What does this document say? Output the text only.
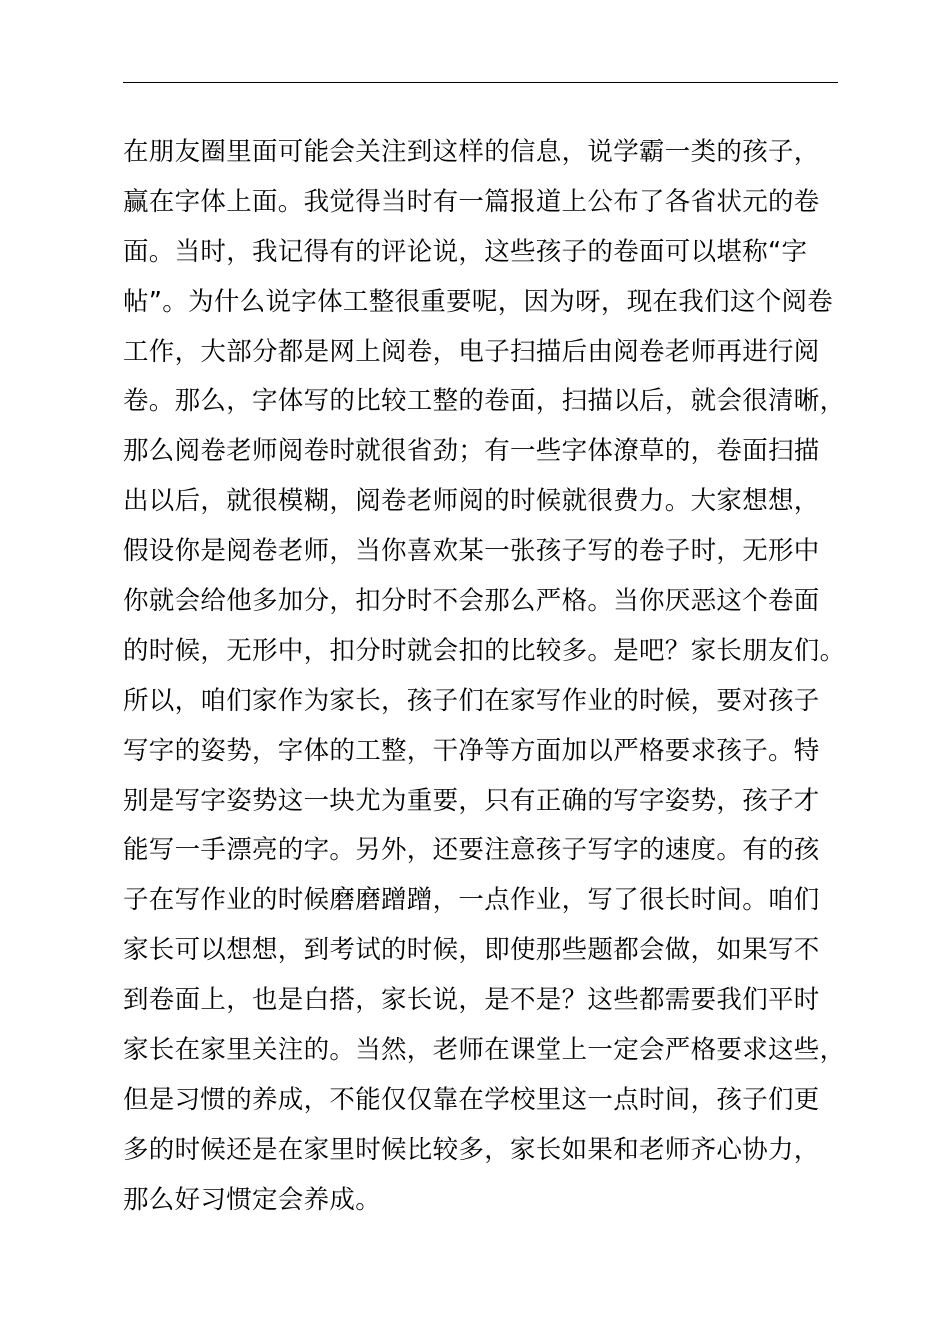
在朋友圈里面可能会关注到这样的信息，说学霸一类的孩子，
赢在字体上面。我觉得当时有一篇报道上公布了各省状元的卷
面。当时，我记得有的评论说，这些孩子的卷面可以堪称“字
帖”。为什么说字体工整很重要呢，因为呀，现在我们这个阅卷
工作，大部分都是网上阅卷，电子扫描后由阅卷老师再进行阅
卷。那么，字体写的比较工整的卷面，扫描以后，就会很清晰，
那么阅卷老师阅卷时就很省劲；有一些字体潦草的，卷面扫描
出以后，就很模糊，阅卷老师阅的时候就很费力。大家想想，
假设你是阅卷老师，当你喜欢某一张孩子写的卷子时，无形中
你就会给他多加分，扣分时不会那么严格。当你厌恶这个卷面
的时候，无形中，扣分时就会扣的比较多。是吧？家长朋友们。
所以，咱们家作为家长，孩子们在家写作业的时候，要对孩子
写字的姿势，字体的工整，干净等方面加以严格要求孩子。特
别是写字姿势这一块尤为重要，只有正确的写字姿势，孩子才
能写一手漂亮的字。另外，还要注意孩子写字的速度。有的孩
子在写作业的时候磨磨蹭蹭，一点作业，写了很长时间。咱们
家长可以想想，到考试的时候，即使那些题都会做，如果写不
到卷面上，也是白搭，家长说，是不是？这些都需要我们平时
家长在家里关注的。当然，老师在课堂上一定会严格要求这些，
但是习惯的养成，不能仅仅靠在学校里这一点时间，孩子们更
多的时候还是在家里时候比较多，家长如果和老师齐心协力，
那么好习惯定会养成。
